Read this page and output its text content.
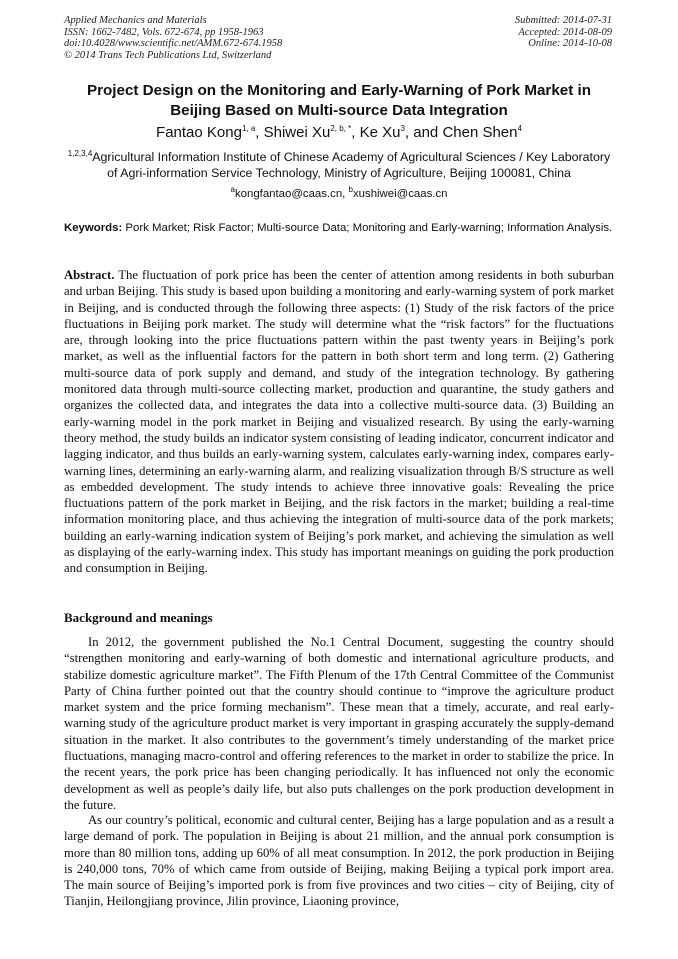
Applied Mechanics and Materials
ISSN: 1662-7482, Vols. 672-674, pp 1958-1963
doi:10.4028/www.scientific.net/AMM.672-674.1958
© 2014 Trans Tech Publications Ltd, Switzerland
Submitted: 2014-07-31
Accepted: 2014-08-09
Online: 2014-10-08
Project Design on the Monitoring and Early-Warning of Pork Market in Beijing Based on Multi-source Data Integration
Fantao Kong$^{1, a}$, Shiwei $Xu^{2, b, *}$, Ke Xu$^3$, and Chen Shen$^4$
$^{1,2,3,4}$Agricultural Information Institute of Chinese Academy of Agricultural Sciences / Key Laboratory of Agri-information Service Technology, Ministry of Agriculture, Beijing 100081, China
$^a$kongfantao@caas.cn, $^b$xushiwei@caas.cn
Keywords: Pork Market; Risk Factor; Multi-source Data; Monitoring and Early-warning; Information Analysis.
Abstract. The fluctuation of pork price has been the center of attention among residents in both suburban and urban Beijing. This study is based upon building a monitoring and early-warning system of pork market in Beijing, and is conducted through the following three aspects: (1) Study of the risk factors of the price fluctuations in Beijing pork market. The study will determine what the “risk factors” for the fluctuations are, through looking into the price fluctuations pattern within the past twenty years in Beijing’s pork market, as well as the influential factors for the pattern in both short term and long term. (2) Gathering multi-source data of pork supply and demand, and study of the integration technology. By gathering monitored data through multi-source collecting market, production and quarantine, the study gathers and organizes the collected data, and integrates the data into a collective multi-source data. (3) Building an early-warning model in the pork market in Beijing and visualized research. By using the early-warning theory method, the study builds an indicator system consisting of leading indicator, concurrent indicator and lagging indicator, and thus builds an early-warning system, calculates early-warning index, compares early-warning lines, determining an early-warning alarm, and realizing visualization through B/S structure as well as embedded development. The study intends to achieve three innovative goals: Revealing the price fluctuations pattern of the pork market in Beijing, and the risk factors in the market; building a real-time information monitoring place, and thus achieving the integration of multi-source data of the pork markets; building an early-warning indication system of Beijing’s pork market, and achieving the simulation as well as displaying of the early-warning index. This study has important meanings on guiding the pork production and consumption in Beijing.
Background and meanings
In 2012, the government published the No.1 Central Document, suggesting the country should “strengthen monitoring and early-warning of both domestic and international agriculture products, and stabilize domestic agriculture market”. The Fifth Plenum of the 17th Central Committee of the Communist Party of China further pointed out that the country should continue to “improve the agriculture product market system and the price forming mechanism”. These mean that a timely, accurate, and real early-warning study of the agriculture product market is very important in grasping accurately the supply-demand situation in the market. It also contributes to the government’s timely understanding of the market price fluctuations, managing macro-control and offering references to the market in order to stabilize the price. In the recent years, the pork price has been changing periodically. It has influenced not only the economic development as well as people’s daily life, but also puts challenges on the pork production development in the future.
As our country’s political, economic and cultural center, Beijing has a large population and as a result a large demand of pork. The population in Beijing is about 21 million, and the annual pork consumption is more than 80 million tons, adding up 60% of all meat consumption. In 2012, the pork production in Beijing is 240,000 tons, 70% of which came from outside of Beijing, making Beijing a typical pork import area. The main source of Beijing’s imported pork is from five provinces and two cities – city of Beijing, city of Tianjin, Heilongjiang province, Jilin province, Liaoning province,
